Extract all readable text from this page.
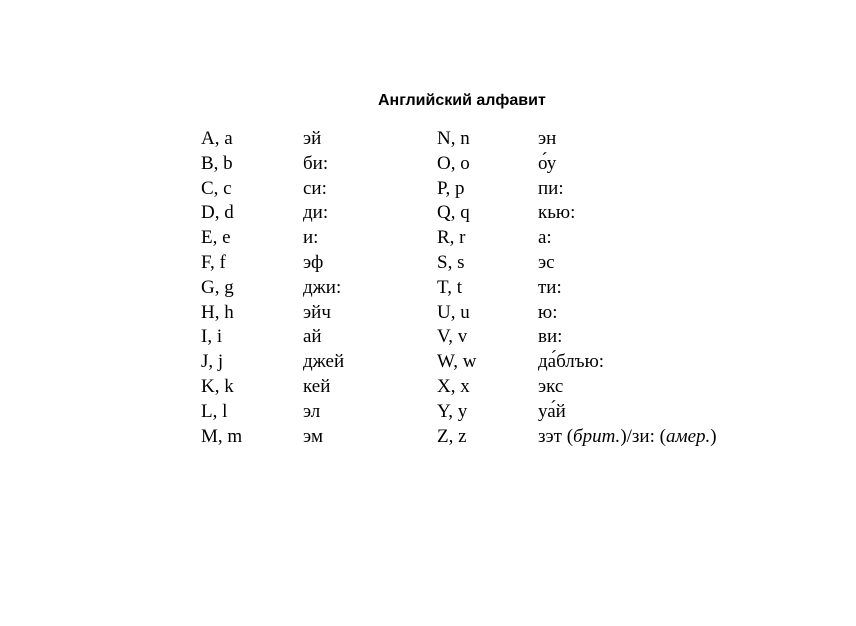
Английский алфавит
A, a
B, b
C, c
D, d
E, e
F, f
G, g
H, h
I, i
J, j
K, k
L, l
M, m
эй
би:
си:
ди:
и:
эф
джи:
эйч
ай
джей
кей
эл
эм
N, n
O, o
P, p
Q, q
R, r
S, s
T, t
U, u
V, v
W, w
X, x
Y, y
Z, z
эн
о́у
пи:
кью:
а:
эс
ти:
ю:
ви:
да́блъю:
экс
уа́й
зэт (брит.)/зи: (амер.)
